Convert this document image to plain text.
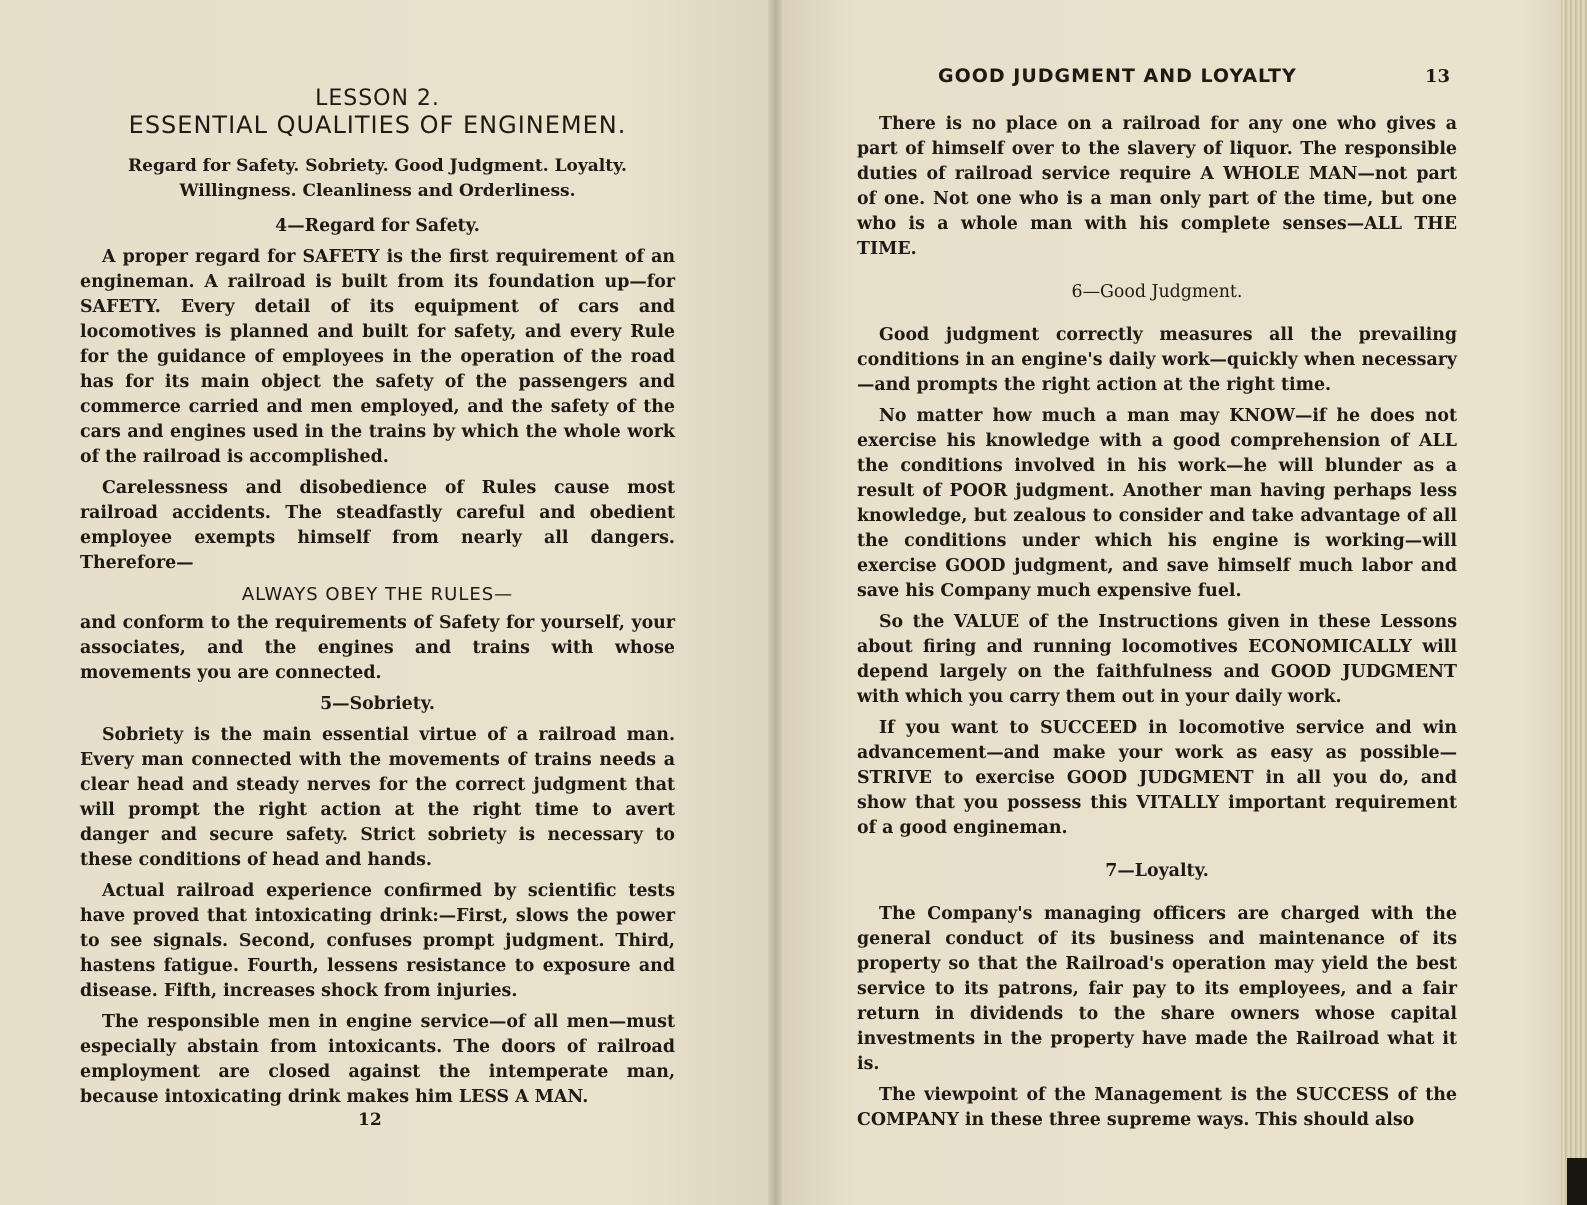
LESSON 2.
ESSENTIAL QUALITIES OF ENGINEMEN.
Regard for Safety. Sobriety. Good Judgment. Loyalty.
Willingness. Cleanliness and Orderliness.
4—Regard for Safety.

A proper regard for SAFETY is the first requirement of an engineman. A railroad is built from its foundation up—for SAFETY. Every detail of its equipment of cars and locomotives is planned and built for safety, and every Rule for the guidance of employees in the operation of the road has for its main object the safety of the passengers and commerce carried and men employed, and the safety of the cars and engines used in the trains by which the whole work of the railroad is accomplished.

Carelessness and disobedience of Rules cause most railroad accidents. The steadfastly careful and obedient employee exempts himself from nearly all dangers. Therefore—

ALWAYS OBEY THE RULES—

and conform to the requirements of Safety for yourself, your associates, and the engines and trains with whose movements you are connected.

5—Sobriety.

Sobriety is the main essential virtue of a railroad man. Every man connected with the movements of trains needs a clear head and steady nerves for the correct judgment that will prompt the right action at the right time to avert danger and secure safety. Strict sobriety is necessary to these conditions of head and hands.

Actual railroad experience confirmed by scientific tests have proved that intoxicating drink:—First, slows the power to see signals. Second, confuses prompt judgment. Third, hastens fatigue. Fourth, lessens resistance to exposure and disease. Fifth, increases shock from injuries.

The responsible men in engine service—of all men—must especially abstain from intoxicants. The doors of railroad employment are closed against the intemperate man, because intoxicating drink makes him LESS A MAN.

12
GOOD JUDGMENT AND LOYALTY	13

There is no place on a railroad for any one who gives a part of himself over to the slavery of liquor. The responsible duties of railroad service require A WHOLE MAN—not part of one. Not one who is a man only part of the time, but one who is a whole man with his complete senses—ALL THE TIME.

6—Good Judgment.

Good judgment correctly measures all the prevailing conditions in an engine's daily work—quickly when necessary—and prompts the right action at the right time.

No matter how much a man may KNOW—if he does not exercise his knowledge with a good comprehension of ALL the conditions involved in his work—he will blunder as a result of POOR judgment. Another man having perhaps less knowledge, but zealous to consider and take advantage of all the conditions under which his engine is working—will exercise GOOD judgment, and save himself much labor and save his Company much expensive fuel.

So the VALUE of the Instructions given in these Lessons about firing and running locomotives ECONOMICALLY will depend largely on the faithfulness and GOOD JUDGMENT with which you carry them out in your daily work.

If you want to SUCCEED in locomotive service and win advancement—and make your work as easy as possible—STRIVE to exercise GOOD JUDGMENT in all you do, and show that you possess this VITALLY important requirement of a good engineman.

7—Loyalty.

The Company's managing officers are charged with the general conduct of its business and maintenance of its property so that the Railroad's operation may yield the best service to its patrons, fair pay to its employees, and a fair return in dividends to the share owners whose capital investments in the property have made the Railroad what it is.

The viewpoint of the Management is the SUCCESS of the COMPANY in these three supreme ways. This should also
